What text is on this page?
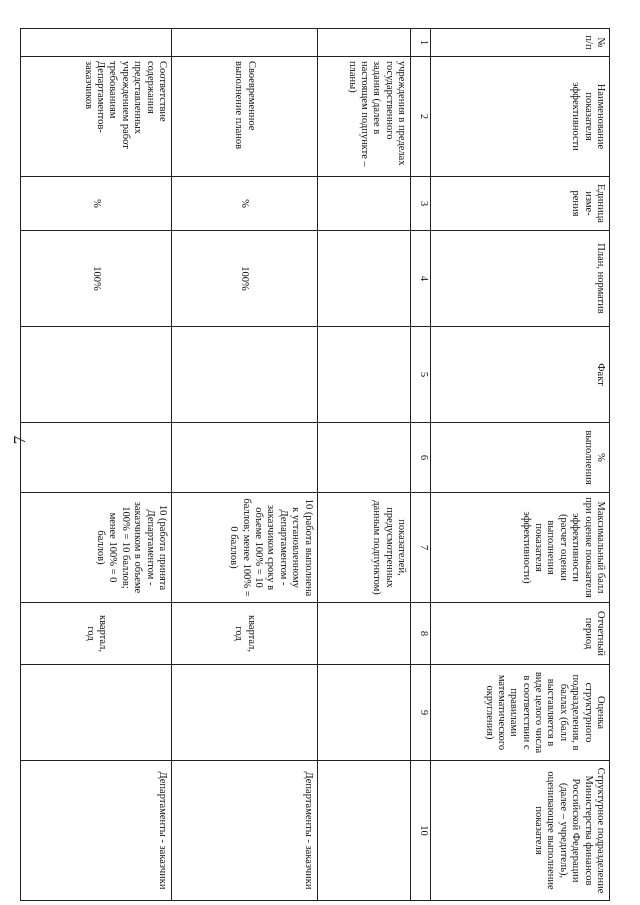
7
№ п/п	Наименование показателя эффективности	Единица изме-рения	План, норматив	Факт	% выполнения	Максимальный балл при оценке показателя эффективности (расчет оценки выполнения показателя эффективности)	Отчетный период	Оценка структурного подразделения, в баллах (балл выставляется в виде целого числа в соответствии с правилами математического округления)	Структурное подразделение Министерства финансов Российской Федерации (далее – учредитель), оценивающее выполнение показателя
1	2	3	4	5	6	7	8	9	10
	учреждения в пределах государственного задания (далее в настоящем подпункте – планы)					показателей, предусмотренных данным подпунктом)			
	Своевременное выполнение планов	%	100%			10 (работа выполнена к установленному Департаментом - заказчиком сроку в объеме 100% = 10 баллов; менее 100% = 0 баллов)	квартал, год		Департаменты - заказчики
	Соответствие содержания представленных учреждением работ требованиям Департаментов-заказчиков	%	100%			10 (работа принята Департаментом - заказчиком в объеме 100% = 10 баллов; менее 100% = 0 баллов)	квартал, год		Департаменты - заказчики
